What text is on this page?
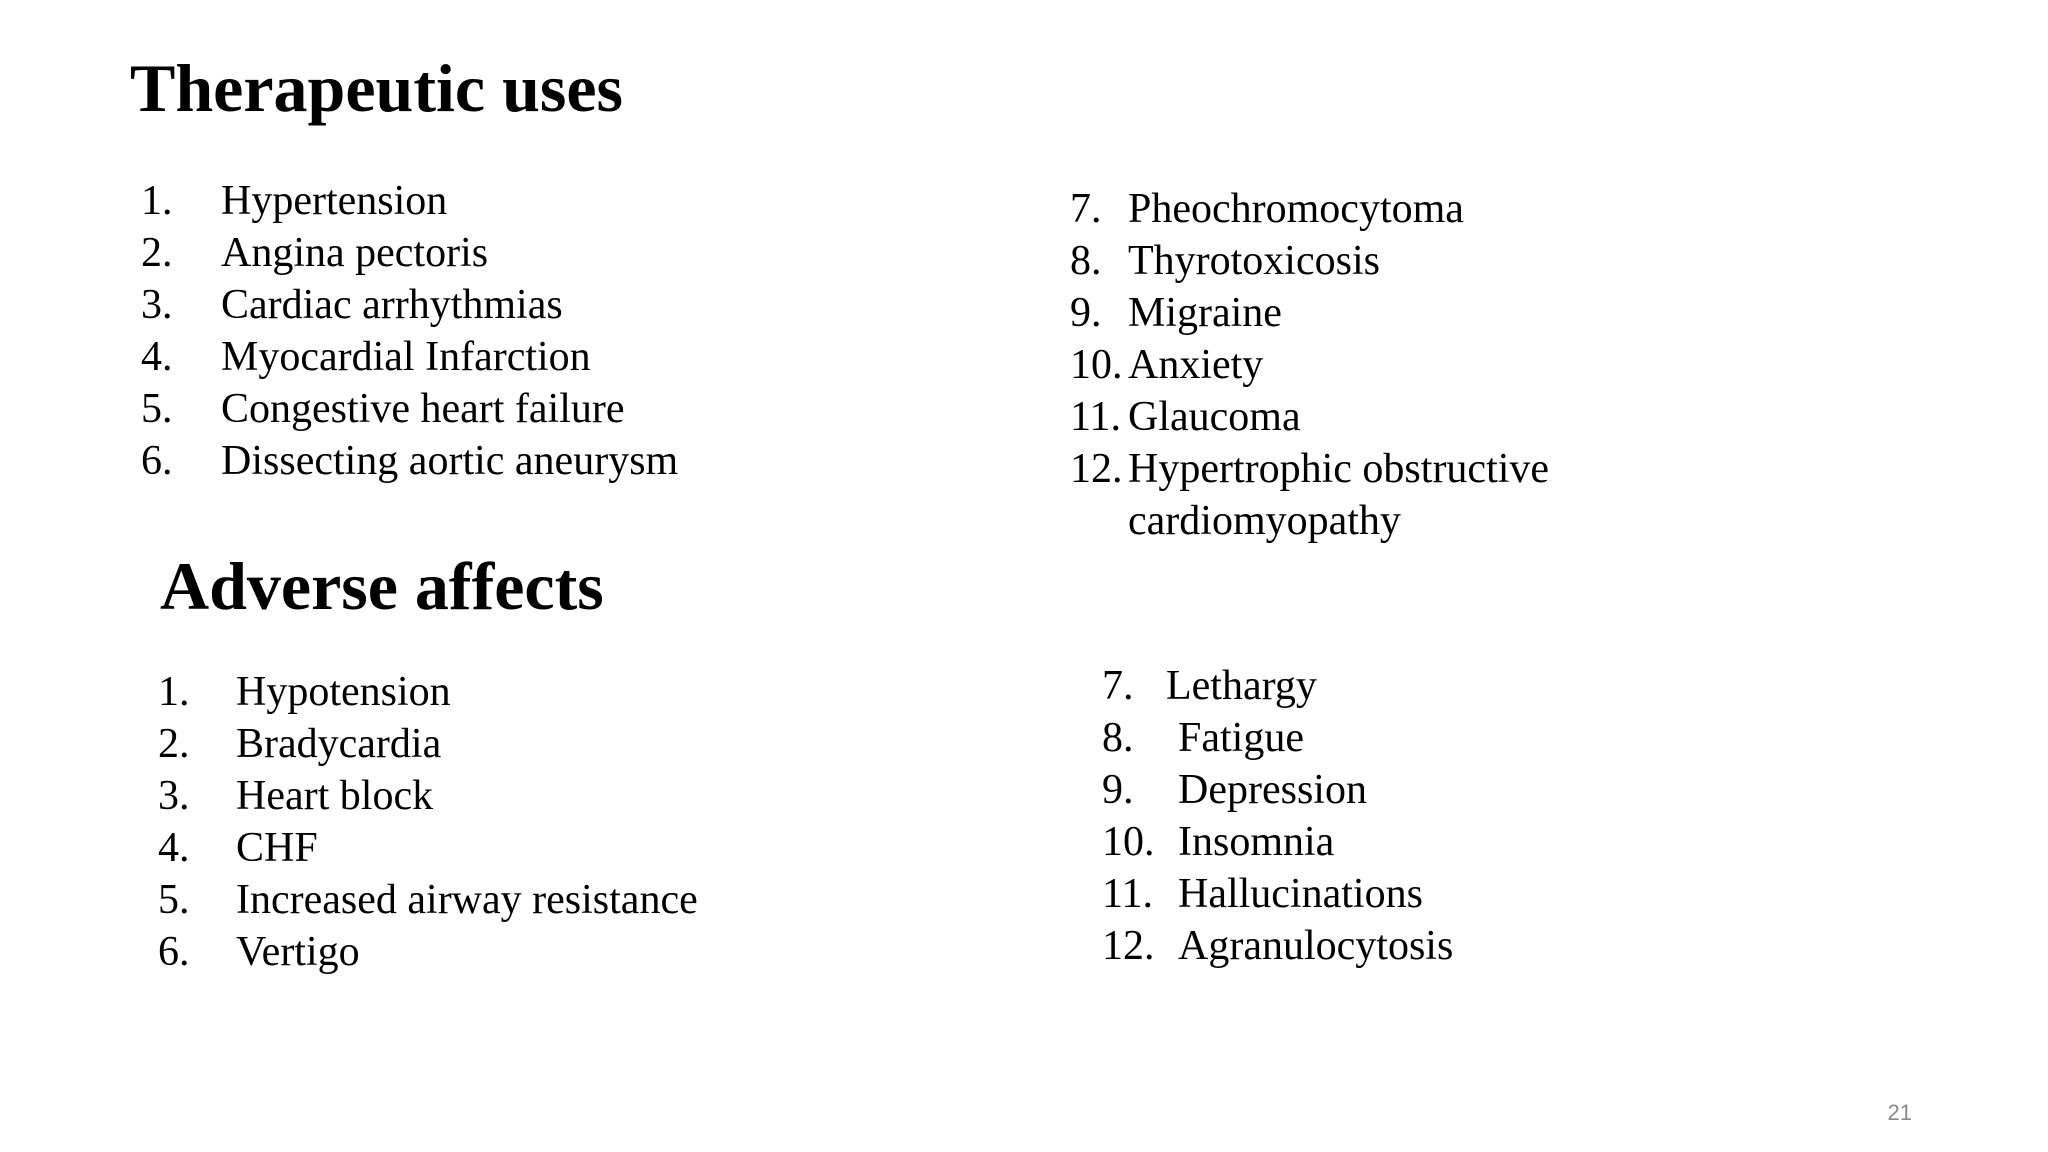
Therapeutic uses
1. Hypertension
2. Angina pectoris
3. Cardiac arrhythmias
4. Myocardial Infarction
5. Congestive heart failure
6. Dissecting aortic aneurysm
7. Pheochromocytoma
8. Thyrotoxicosis
9. Migraine
10. Anxiety
11. Glaucoma
12. Hypertrophic obstructive
cardiomyopathy
Adverse affects
1. Hypotension
2. Bradycardia
3. Heart block
4. CHF
5. Increased airway resistance
6. Vertigo
7. Lethargy
8. Fatigue
9. Depression
10. Insomnia
11. Hallucinations
12. Agranulocytosis
21
